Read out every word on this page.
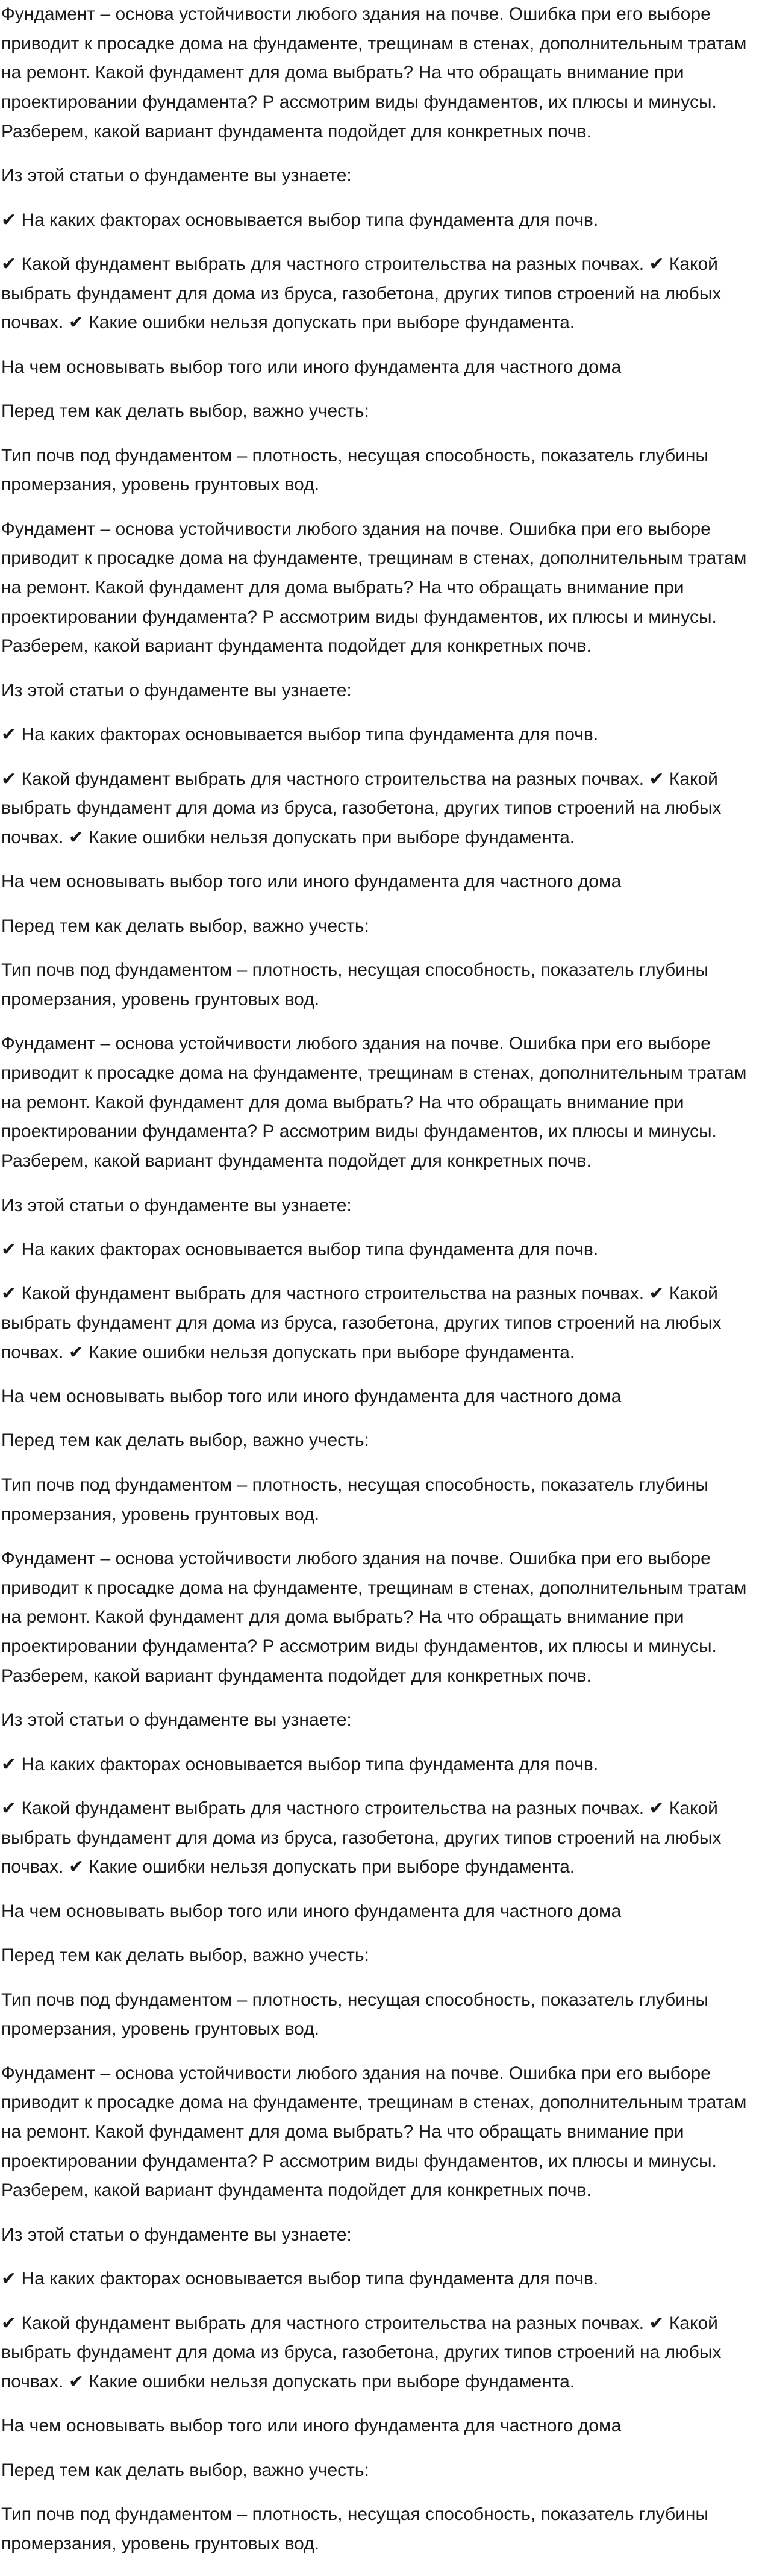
Фундамент – основа устойчивости любого здания на почве. Ошибка при его выборе приводит к просадке дома на фундаменте, трещинам в стенах, дополнительным тратам на ремонт. Какой фундамент для дома выбрать? На что обращать внимание при проектировании фундамента? Р ассмотрим виды фундаментов, их плюсы и минусы. Разберем, какой вариант фундамента подойдет для конкретных почв.

Из этой статьи о фундаменте вы узнаете:

✔ На каких факторах основывается выбор типа фундамента для почв.

✔ Какой фундамент выбрать для частного строительства на разных почвах. ✔ Какой выбрать фундамент для дома из бруса, газобетона, других типов строений на любых почвах. ✔ Какие ошибки нельзя допускать при выборе фундамента.

На чем основывать выбор того или иного фундамента для частного дома

Перед тем как делать выбор, важно учесть:

Тип почв под фундаментом – плотность, несущая способность, показатель глубины промерзания, уровень грунтовых вод.

Фундамент – основа устойчивости любого здания на почве. Ошибка при его выборе приводит к просадке дома на фундаменте, трещинам в стенах, дополнительным тратам на ремонт. Какой фундамент для дома выбрать? На что обращать внимание при проектировании фундамента? Р ассмотрим виды фундаментов, их плюсы и минусы. Разберем, какой вариант фундамента подойдет для конкретных почв.

Из этой статьи о фундаменте вы узнаете:

✔ На каких факторах основывается выбор типа фундамента для почв.

✔ Какой фундамент выбрать для частного строительства на разных почвах. ✔ Какой выбрать фундамент для дома из бруса, газобетона, других типов строений на любых почвах. ✔ Какие ошибки нельзя допускать при выборе фундамента.

На чем основывать выбор того или иного фундамента для частного дома

Перед тем как делать выбор, важно учесть:

Тип почв под фундаментом – плотность, несущая способность, показатель глубины промерзания, уровень грунтовых вод.

Фундамент – основа устойчивости любого здания на почве. Ошибка при его выборе приводит к просадке дома на фундаменте, трещинам в стенах, дополнительным тратам на ремонт. Какой фундамент для дома выбрать? На что обращать внимание при проектировании фундамента? Р ассмотрим виды фундаментов, их плюсы и минусы. Разберем, какой вариант фундамента подойдет для конкретных почв.

Из этой статьи о фундаменте вы узнаете:

✔ На каких факторах основывается выбор типа фундамента для почв.

✔ Какой фундамент выбрать для частного строительства на разных почвах. ✔ Какой выбрать фундамент для дома из бруса, газобетона, других типов строений на любых почвах. ✔ Какие ошибки нельзя допускать при выборе фундамента.

На чем основывать выбор того или иного фундамента для частного дома

Перед тем как делать выбор, важно учесть:

Тип почв под фундаментом – плотность, несущая способность, показатель глубины промерзания, уровень грунтовых вод.

Фундамент – основа устойчивости любого здания на почве. Ошибка при его выборе приводит к просадке дома на фундаменте, трещинам в стенах, дополнительным тратам на ремонт. Какой фундамент для дома выбрать? На что обращать внимание при проектировании фундамента? Р ассмотрим виды фундаментов, их плюсы и минусы. Разберем, какой вариант фундамента подойдет для конкретных почв.

Из этой статьи о фундаменте вы узнаете:

✔ На каких факторах основывается выбор типа фундамента для почв.

✔ Какой фундамент выбрать для частного строительства на разных почвах. ✔ Какой выбрать фундамент для дома из бруса, газобетона, других типов строений на любых почвах. ✔ Какие ошибки нельзя допускать при выборе фундамента.

На чем основывать выбор того или иного фундамента для частного дома

Перед тем как делать выбор, важно учесть:

Тип почв под фундаментом – плотность, несущая способность, показатель глубины промерзания, уровень грунтовых вод.

Фундамент – основа устойчивости любого здания на почве. Ошибка при его выборе приводит к просадке дома на фундаменте, трещинам в стенах, дополнительным тратам на ремонт. Какой фундамент для дома выбрать? На что обращать внимание при проектировании фундамента? Р ассмотрим виды фундаментов, их плюсы и минусы. Разберем, какой вариант фундамента подойдет для конкретных почв.

Из этой статьи о фундаменте вы узнаете:

✔ На каких факторах основывается выбор типа фундамента для почв.

✔ Какой фундамент выбрать для частного строительства на разных почвах. ✔ Какой выбрать фундамент для дома из бруса, газобетона, других типов строений на любых почвах. ✔ Какие ошибки нельзя допускать при выборе фундамента.

На чем основывать выбор того или иного фундамента для частного дома

Перед тем как делать выбор, важно учесть:

Тип почв под фундаментом – плотность, несущая способность, показатель глубины промерзания, уровень грунтовых вод.
